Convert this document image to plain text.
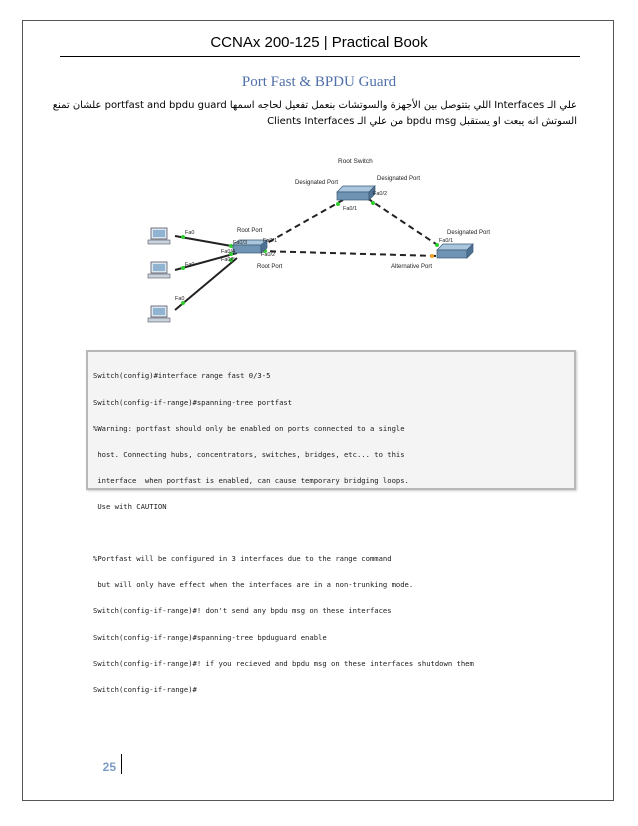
CCNAx 200-125 | Practical Book
Port Fast & BPDU Guard
علي الـ Interfaces اللي بتتوصل بين الأجهزة والسوتشات بنعمل تفعيل لحاجه اسمها portfast and bpdu guard علشان تمنع
السوتش انه يبعت او يستقبل bpdu msg من علي الـ Clients Interfaces
Root Switch
Designated Port
Designated Port
Fa0/2
Fa0/1
Root Port
Fa0/3	Fa0/1
Fa0/4	Fa0/2
Fa0/5
Root Port
Fa0/1
Designated Port
Alternative Port
Fa0
Fa0
Fa0

Switch(config)#interface range fast 0/3-5

Switch(config-if-range)#spanning-tree portfast

%Warning: portfast should only be enabled on ports connected to a single

host. Connecting hubs, concentrators, switches, bridges, etc... to this

interface  when portfast is enabled, can cause temporary bridging loops.

Use with CAUTION

%Portfast will be configured in 3 interfaces due to the range command

but will only have effect when the interfaces are in a non-trunking mode.

Switch(config-if-range)#! don't send any bpdu msg on these interfaces

Switch(config-if-range)#spanning-tree bpduguard enable

Switch(config-if-range)#! if you recieved and bpdu msg on these interfaces shutdown them

Switch(config-if-range)#

25
